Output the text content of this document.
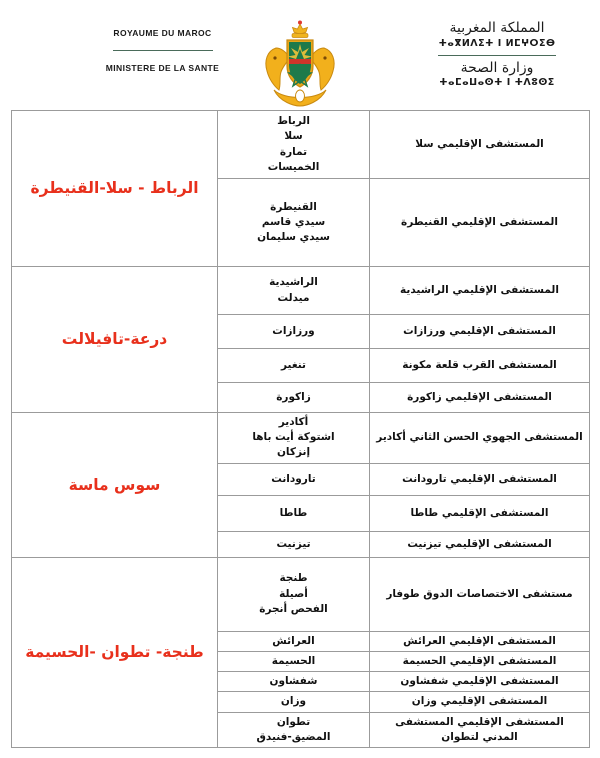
ROYAUME DU MAROC
MINISTERE DE LA SANTE
المملكة المغربية
ⵜⴰⴳⵍⴷⵉⵜ ⵏ ⵍⵎⵖⵔⵉⴱ
وزارة الصحة
ⵜⴰⵎⴰⵡⴰⵙⵜ ⵏ ⵜⴷⵓⵙⵉ
المستشفى الإقليمي سلا	الرباط
سلا
تمارة
الخميسات	الرباط - سلا-القنيطرة

المستشفى الإقليمي القنيطرة	القنيطرة
سيدي قاسم
سيدي سليمان	

المستشفى الإقليمي الراشيدية	الراشيدية
ميدلت	درعة-تافيلالت

المستشفى الإقليمي ورزازات	ورزازات	

المستشفى القرب قلعة مكونة	تنغير	

المستشفى الإقليمي زاكورة	زاكورة	

المستشفى الجهوي الحسن الثاني أكادير	أكادير
اشتوكة أيت باها
إنزكان	سوس ماسة

المستشفى الإقليمي تارودانت	تارودانت	

المستشفى الإقليمي طاطا	طاطا	

المستشفى الإقليمي تيزنيت	تيزنيت	

مستشفى الاختصاصات الدوق طوفار	طنجة
أصيلة
الفحص أنجرة	طنجة- تطوان -الحسيمة

المستشفى الإقليمي العرائش	العرائش	

المستشفى الإقليمي الحسيمة	الحسيمة	

المستشفى الإقليمي شفشاون	شفشاون	

المستشفى الإقليمي وزان	وزان	

المستشفى الإقليمي المستشفى المدني لتطوان	تطوان
المضيق-فنيدق	
